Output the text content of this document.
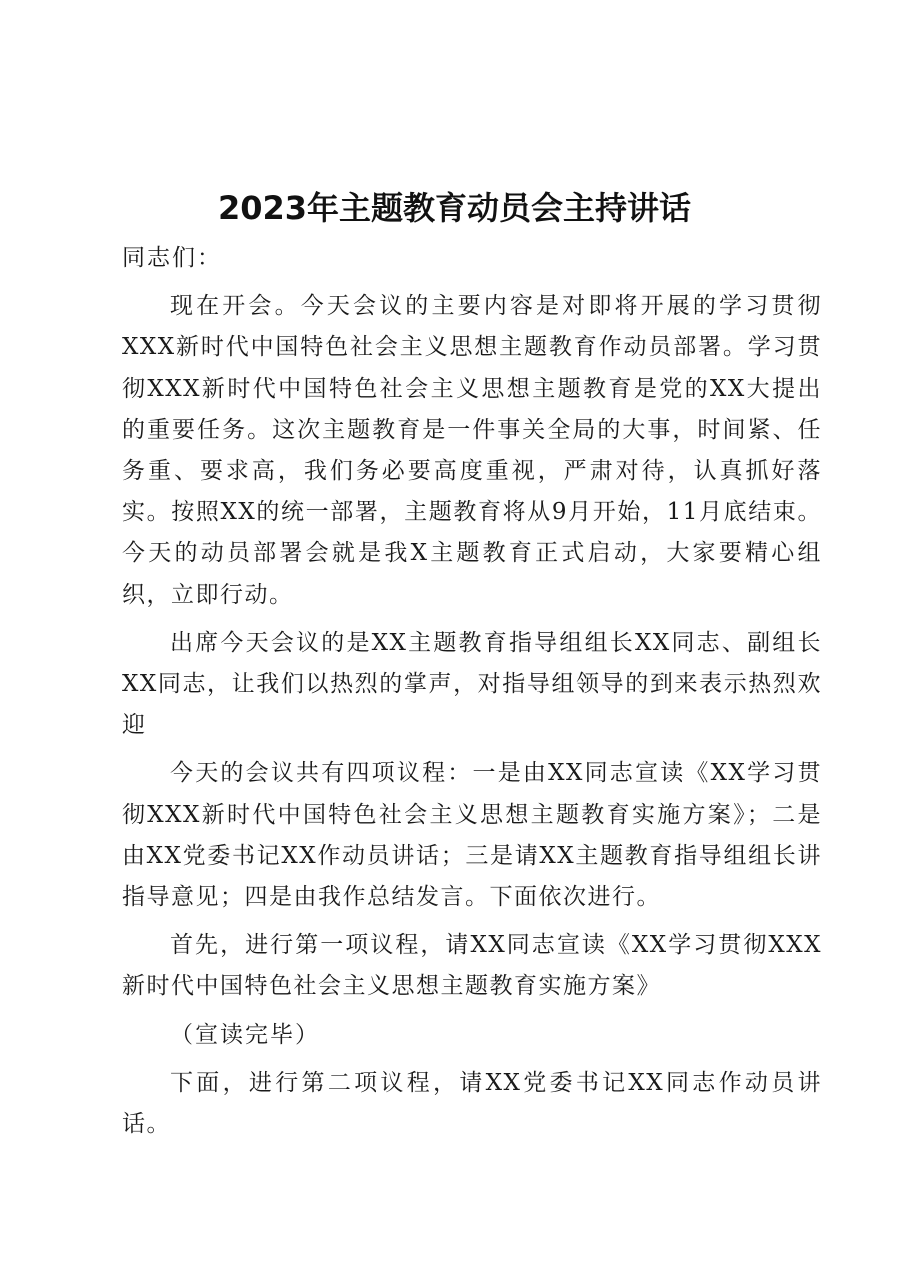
2023年主题教育动员会主持讲话

同志们：

现在开会。今天会议的主要内容是对即将开展的学习贯彻XXX新时代中国特色社会主义思想主题教育作动员部署。学习贯彻XXX新时代中国特色社会主义思想主题教育是党的XX大提出的重要任务。这次主题教育是一件事关全局的大事，时间紧、任务重、要求高，我们务必要高度重视，严肃对待，认真抓好落实。按照XX的统一部署，主题教育将从9月开始，11月底结束。今天的动员部署会就是我X主题教育正式启动，大家要精心组织，立即行动。

出席今天会议的是XX主题教育指导组组长XX同志、副组长XX同志，让我们以热烈的掌声，对指导组领导的到来表示热烈欢迎

今天的会议共有四项议程：一是由XX同志宣读《XX学习贯彻XXX新时代中国特色社会主义思想主题教育实施方案》；二是由XX党委书记XX作动员讲话；三是请XX主题教育指导组组长讲指导意见；四是由我作总结发言。下面依次进行。

首先，进行第一项议程，请XX同志宣读《XX学习贯彻XXX新时代中国特色社会主义思想主题教育实施方案》

（宣读完毕）

下面，进行第二项议程，请XX党委书记XX同志作动员讲话。
